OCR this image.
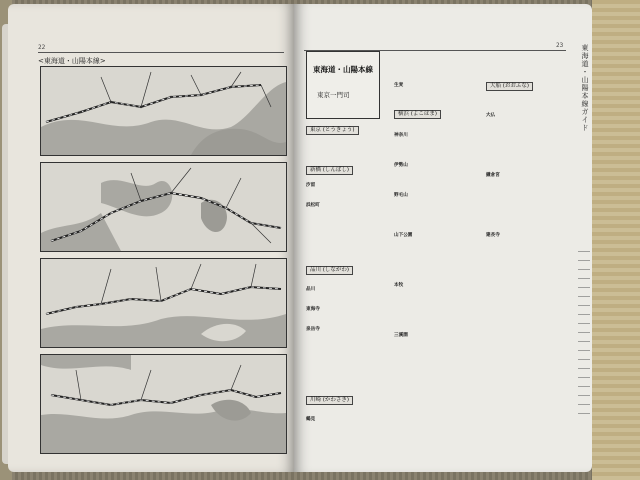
22
<東海道・山陽本線>
23
東海道・山陽本線
東京一門司
東京 (とうきょう)
新橋 (しんばし)
汐留
浜松町
品川 (しながわ)
品川
東海寺
泉岳寺
川崎 (かわさき)
鶴見
生麦
横浜 (よこはま)
神奈川
伊勢山
野毛山
山下公園
本牧
三溪園
大船 (おおふな)
大仏
鎌倉宮
建長寺
東海道・山陽本線ガイド
